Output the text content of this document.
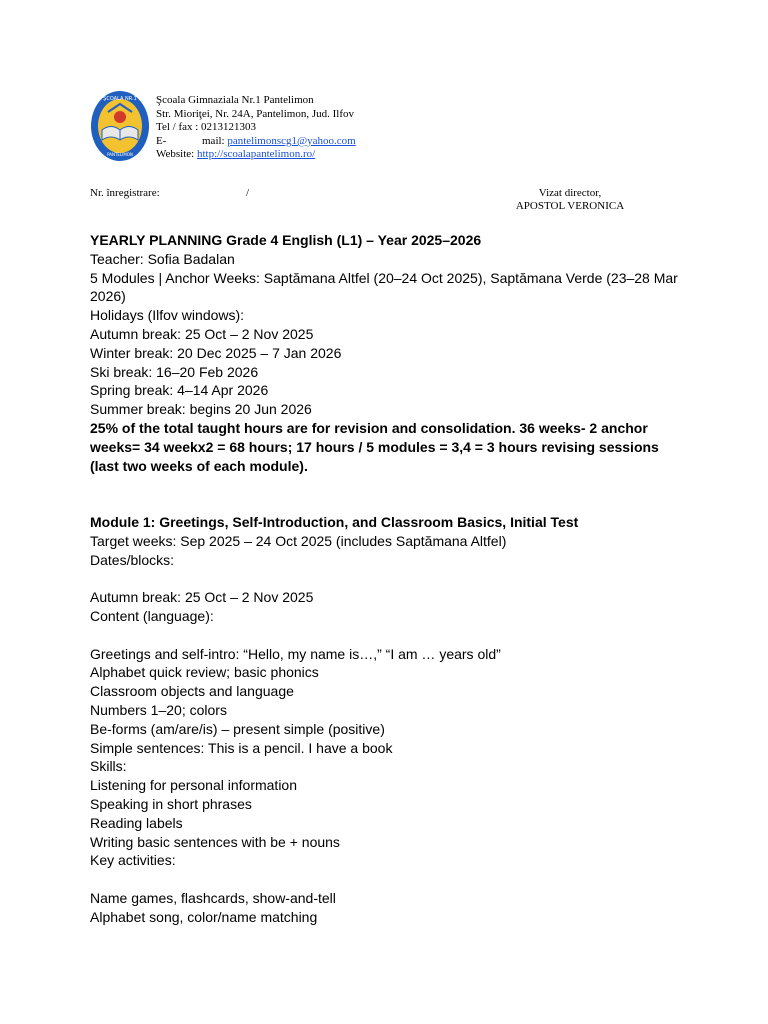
ŞCOALA NR.1
PANTELIMON
Şcoala Gimnaziala Nr.1 Pantelimon
Str. Mioriţei, Nr. 24A, Pantelimon, Jud. Ilfov
Tel / fax : 0213121303
E-	mail: pantelimonscg1@yahoo.com
Website: http://scoalapantelimon.ro/
Nr. înregistrare:	/	Vizat director,
APOSTOL VERONICA

YEARLY PLANNING Grade 4 English (L1) – Year 2025–2026

Teacher: Sofia Badalan

5 Modules | Anchor Weeks: Saptămana Altfel (20–24 Oct 2025), Saptămana Verde (23–28 Mar 2026)

Holidays (Ilfov windows):

Autumn break: 25 Oct – 2 Nov 2025

Winter break: 20 Dec 2025 – 7 Jan 2026

Ski break: 16–20 Feb 2026

Spring break: 4–14 Apr 2026

Summer break: begins 20 Jun 2026

25% of the total taught hours are for revision and consolidation. 36 weeks- 2 anchor weeks= 34 weekx2 = 68 hours; 17 hours / 5 modules = 3,4 = 3 hours revising sessions (last two weeks of each module).

Module 1: Greetings, Self-Introduction, and Classroom Basics, Initial Test

Target weeks: Sep 2025 – 24 Oct 2025 (includes Saptămana Altfel)

Dates/blocks:

Autumn break: 25 Oct – 2 Nov 2025

Content (language):

Greetings and self-intro: “Hello, my name is…,” “I am … years old”

Alphabet quick review; basic phonics

Classroom objects and language

Numbers 1–20; colors

Be-forms (am/are/is) – present simple (positive)

Simple sentences: This is a pencil. I have a book

Skills:

Listening for personal information

Speaking in short phrases

Reading labels

Writing basic sentences with be + nouns

Key activities:

Name games, flashcards, show-and-tell

Alphabet song, color/name matching
